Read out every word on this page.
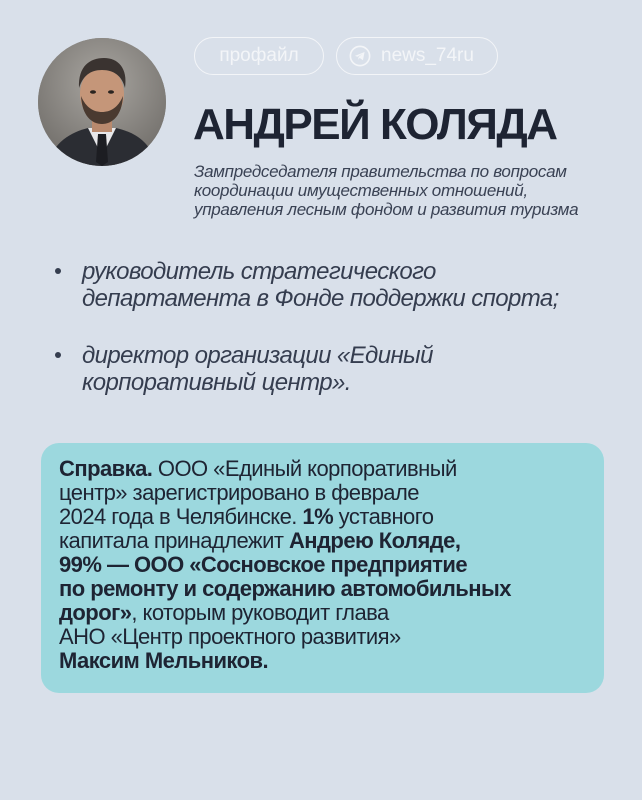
профайл	news_74ru
АНДРЕЙ КОЛЯДА
Зампредседателя правительства по вопросам
координации имущественных отношений,
управления лесным фондом и развития туризма
руководитель стратегического
департамента в Фонде поддержки спорта;
директор организации «Единый
корпоративный центр».

Справка. ООО «Единый корпоративный
центр» зарегистрировано в феврале
2024 года в Челябинске. 1% уставного
капитала принадлежит Андрею Коляде,
99% — ООО «Сосновское предприятие
по ремонту и содержанию автомобильных
дорог», которым руководит глава
АНО «Центр проектного развития»
Максим Мельников.
